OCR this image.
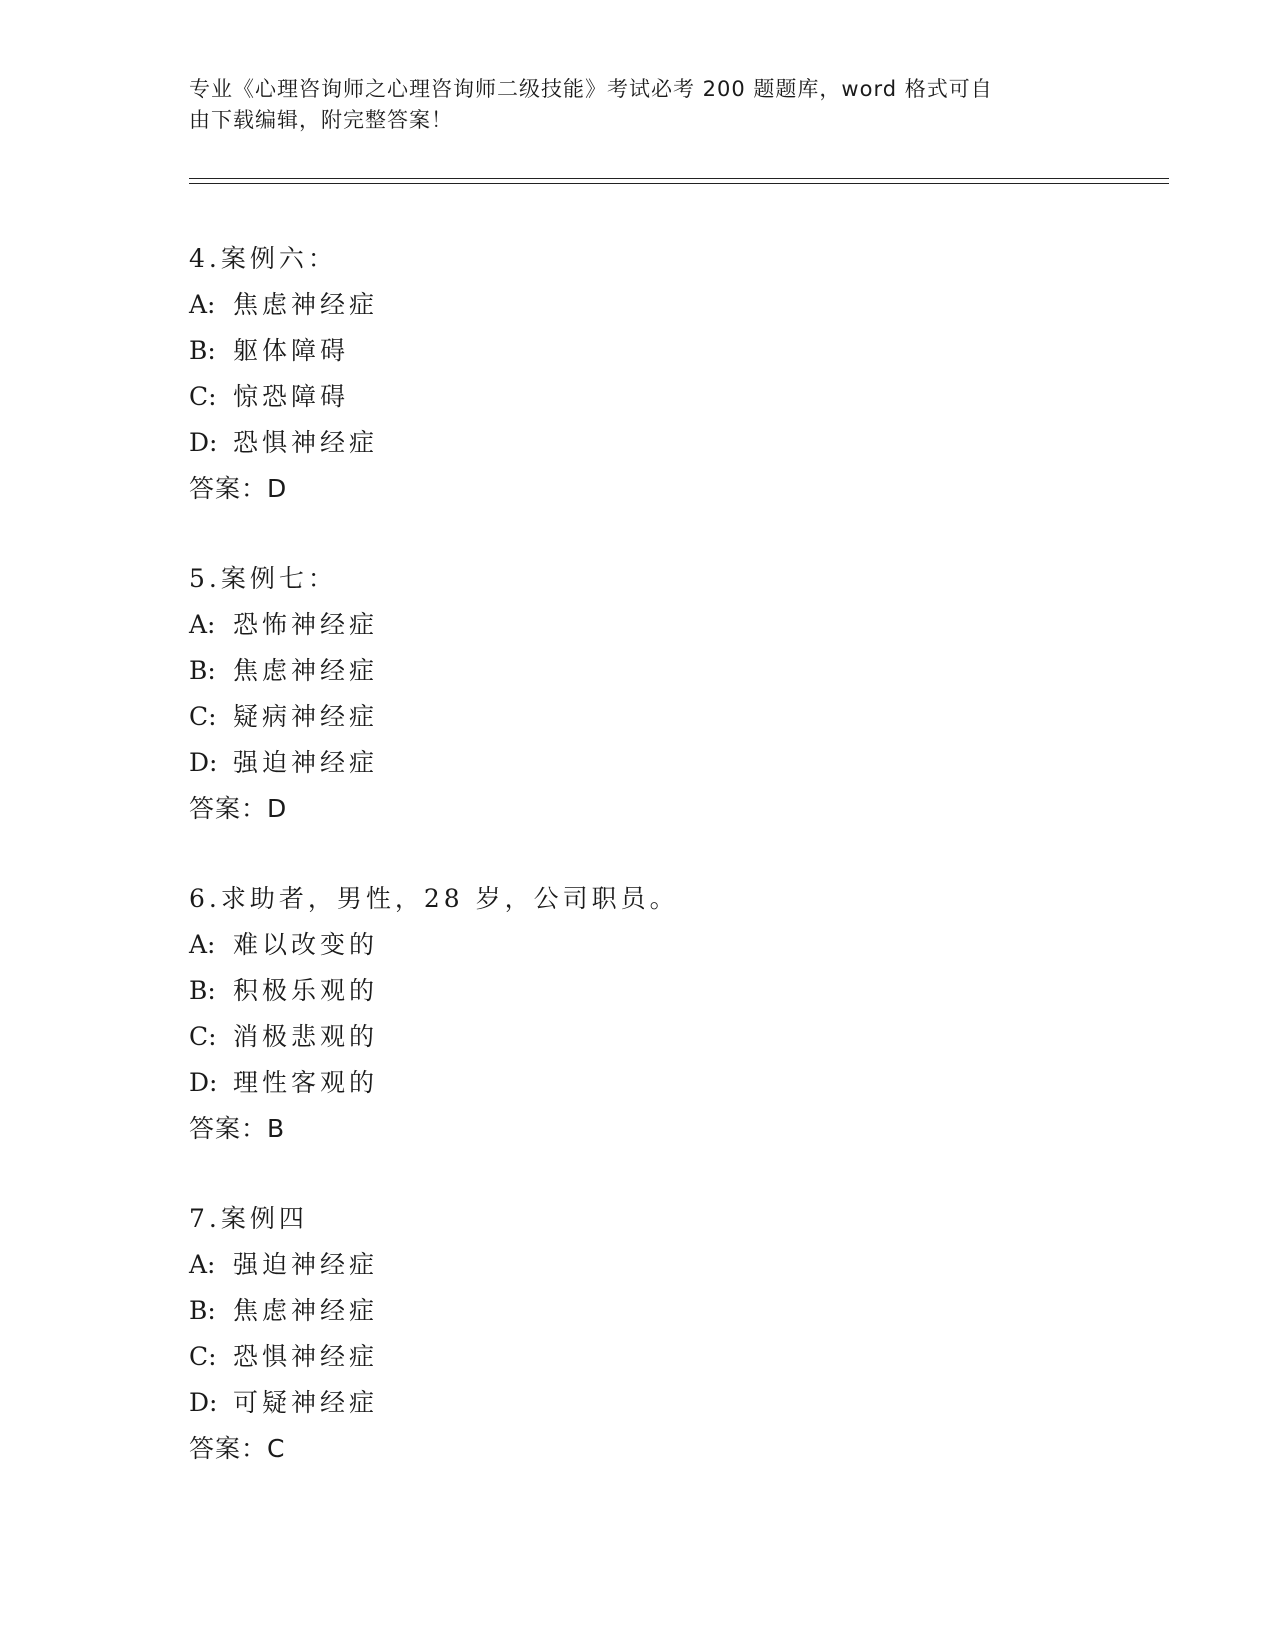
专业《心理咨询师之心理咨询师二级技能》考试必考 200 题题库，word 格式可自
由下载编辑，附完整答案！
4.案例六：
A: 焦虑神经症
B: 躯体障碍
C: 惊恐障碍
D: 恐惧神经症
答案：D
5.案例七：
A: 恐怖神经症
B: 焦虑神经症
C: 疑病神经症
D: 强迫神经症
答案：D
6.求助者，男性，28 岁，公司职员。
A: 难以改变的
B: 积极乐观的
C: 消极悲观的
D: 理性客观的
答案：B
7.案例四
A: 强迫神经症
B: 焦虑神经症
C: 恐惧神经症
D: 可疑神经症
答案：C
